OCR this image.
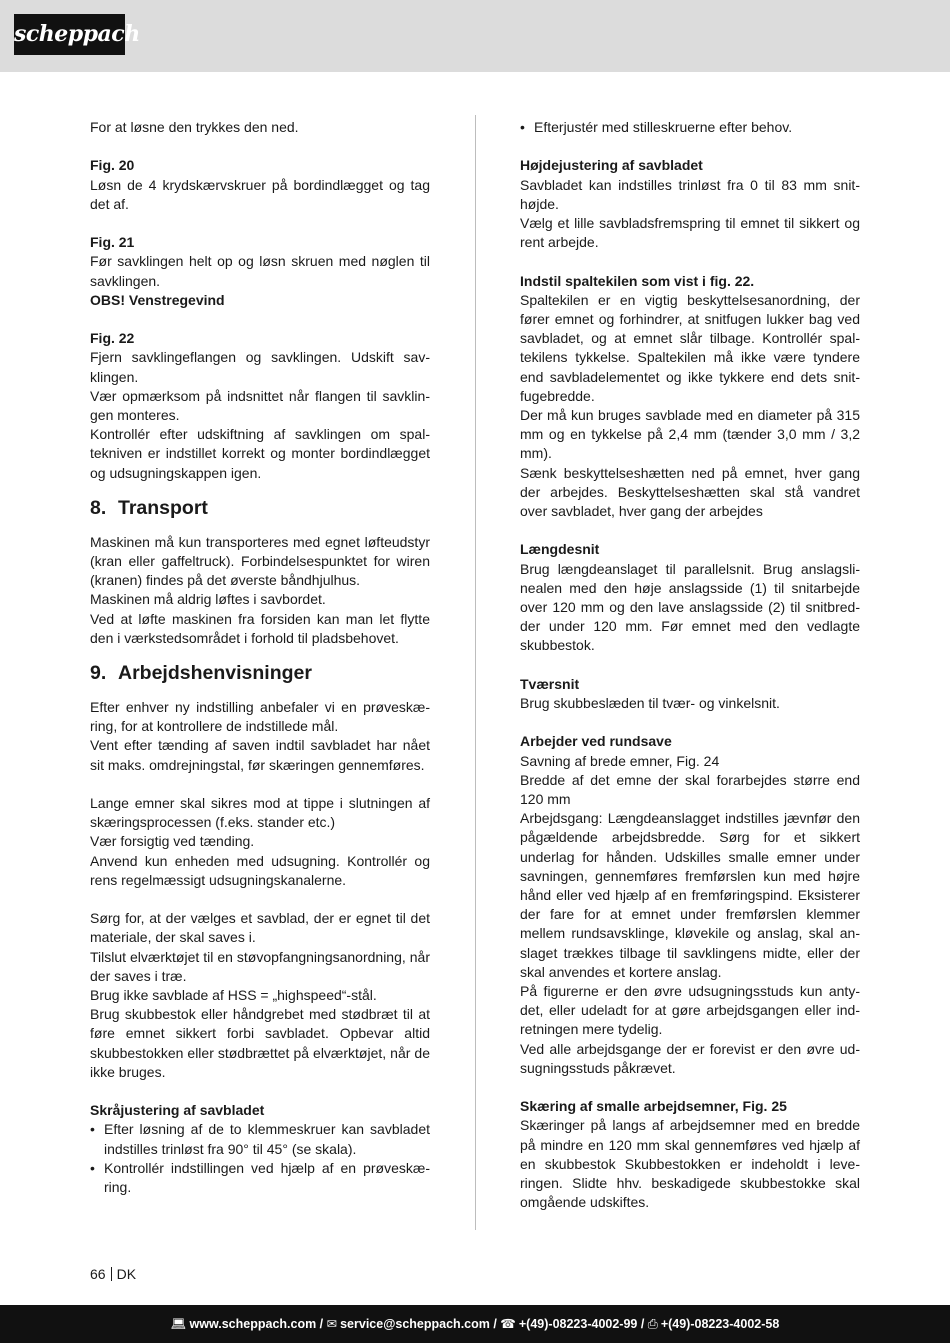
scheppach

For at løsne den trykkes den ned.

Fig. 20

Løsn de 4 krydskærvskruer på bordindlægget og tag det af.

Fig. 21

Før savklingen helt op og løsn skruen med nøglen til savklingen.

OBS! Venstregevind

Fig. 22

Fjern savklingeflangen og savklingen. Udskift savklingen.

Vær opmærksom på indsnittet når flangen til savklingen monteres.

Kontrollér efter udskiftning af savklingen om spaltekniven er indstillet korrekt og monter bordindlægget og udsugningskappen igen.

8. Transport

Maskinen må kun transporteres med egnet løfteudstyr (kran eller gaffeltruck). Forbindelsespunktet for wiren (kranen) findes på det øverste båndhjulhus.

Maskinen må aldrig løftes i savbordet.

Ved at løfte maskinen fra forsiden kan man let flytte den i værkstedsområdet i forhold til pladsbehovet.

9. Arbejdshenvisninger

Efter enhver ny indstilling anbefaler vi en prøveskæring, for at kontrollere de indstillede mål.

Vent efter tænding af saven indtil savbladet har nået sit maks. omdrejningstal, før skæringen gennemføres.

Lange emner skal sikres mod at tippe i slutningen af skæringsprocessen (f.eks. stander etc.)

Vær forsigtig ved tænding.

Anvend kun enheden med udsugning. Kontrollér og rens regelmæssigt udsugningskanalerne.

Sørg for, at der vælges et savblad, der er egnet til det materiale, der skal saves i.

Tilslut elværktøjet til en støvopfangningsanordning, når der saves i træ.

Brug ikke savblade af HSS = „highspeed“-stål.

Brug skubbestok eller håndgrebet med stødbræt til at føre emnet sikkert forbi savbladet. Opbevar altid skubbestokken eller stødbrættet på elværktøjet, når de ikke bruges.

Skråjustering af savbladet

• Efter løsning af de to klemmeskruer kan savbladet indstilles trinløst fra 90° til 45° (se skala).

• Kontrollér indstillingen ved hjælp af en prøveskæring.

• Efterjustér med stilleskruerne efter behov.

Højdejustering af savbladet

Savbladet kan indstilles trinløst fra 0 til 83 mm snithøjde.

Vælg et lille savbladsfremspring til emnet til sikkert og rent arbejde.

Indstil spaltekilen som vist i fig. 22.

Spaltekilen er en vigtig beskyttelsesanordning, der fører emnet og forhindrer, at snitfugen lukker bag ved savbladet, og at emnet slår tilbage. Kontrollér spaltekilens tykkelse. Spaltekilen må ikke være tyndere end savbladelementet og ikke tykkere end dets snitfugebredde.

Der må kun bruges savblade med en diameter på 315 mm og en tykkelse på 2,4 mm (tænder 3,0 mm / 3,2 mm).

Sænk beskyttelseshætten ned på emnet, hver gang der arbejdes. Beskyttelseshætten skal stå vandret over savbladet, hver gang der arbejdes

Længdesnit

Brug længdeanslaget til parallelsnit. Brug anslagslinealen med den høje anslagsside (1) til snitarbejde over 120 mm og den lave anslagsside (2) til snitbredder under 120 mm. Før emnet med den vedlagte skubbestok.

Tværsnit

Brug skubbeslæden til tvær- og vinkelsnit.

Arbejder ved rundsave

Savning af brede emner, Fig. 24

Bredde af det emne der skal forarbejdes større end 120 mm

Arbejdsgang: Længdeanslagget indstilles jævnfør den pågældende arbejdsbredde. Sørg for et sikkert underlag for hånden. Udskilles smalle emner under savningen, gennemføres fremførslen kun med højre hånd eller ved hjælp af en fremføringspind. Eksisterer der fare for at emnet under fremførslen klemmer mellem rundsavsklinge, kløvekile og anslag, skal anslaget trækkes tilbage til savklingens midte, eller der skal anvendes et kortere anslag.

På figurerne er den øvre udsugningsstuds kun antydet, eller udeladt for at gøre arbejdsgangen eller indretningen mere tydelig.

Ved alle arbejdsgange der er forevist er den øvre udsugningsstuds påkrævet.

Skæring af smalle arbejdsemner, Fig. 25

Skæringer på langs af arbejdsemner med en bredde på mindre en 120 mm skal gennemføres ved hjælp af en skubbestok Skubbestokken er indeholdt i leveringen. Slidte hhv. beskadigede skubbestokke skal omgående udskiftes.

66 DK
💻︎ www.scheppach.com / ✉︎ service@scheppach.com / ☎︎ +(49)-08223-4002-99 / ⎙ +(49)-08223-4002-58
